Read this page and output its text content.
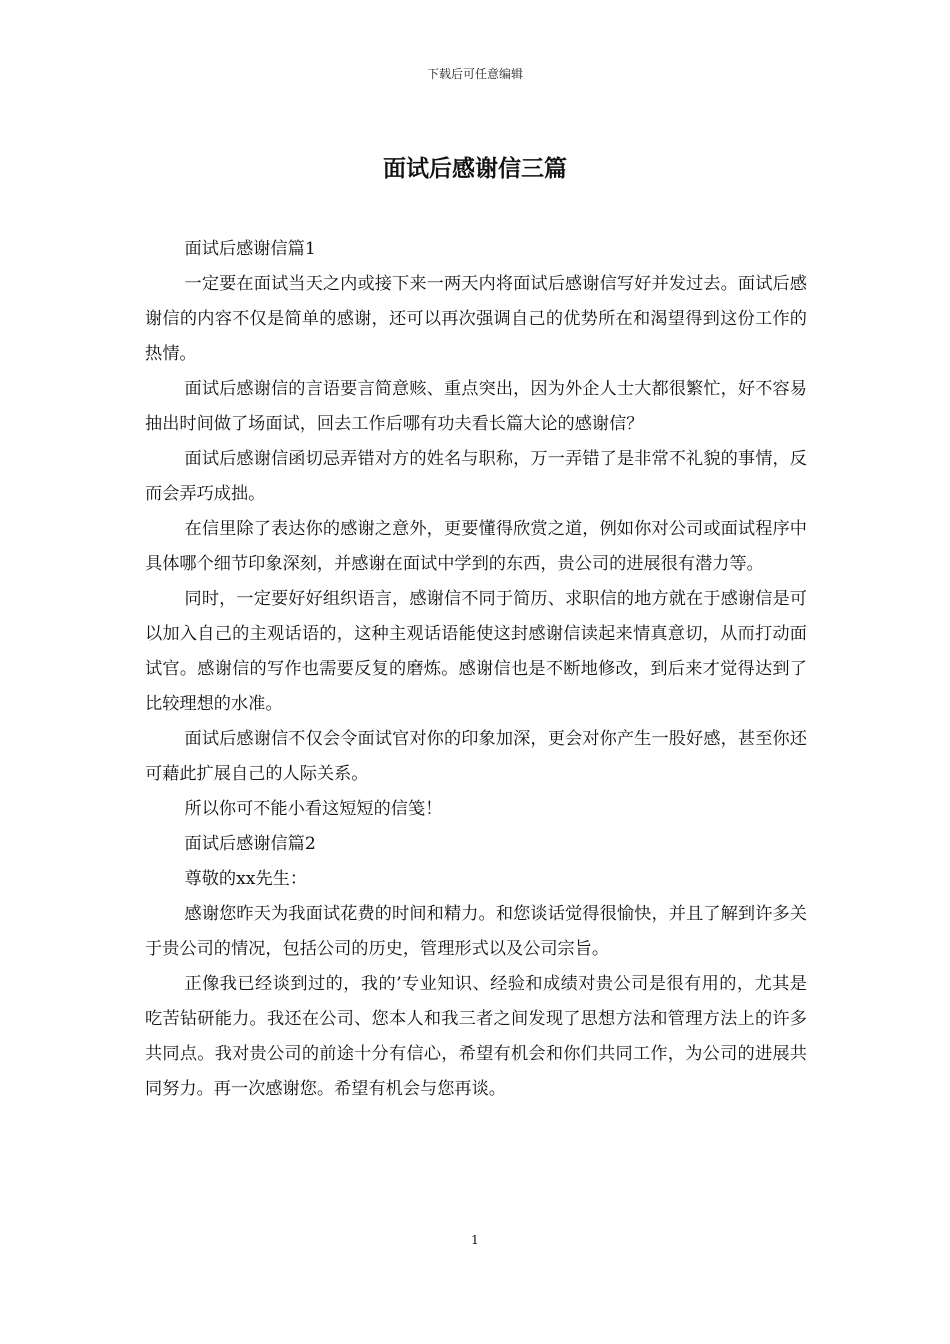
下载后可任意编辑
面试后感谢信三篇

面试后感谢信篇1

一定要在面试当天之内或接下来一两天内将面试后感谢信写好并发过去。面试后感谢信的内容不仅是简单的感谢，还可以再次强调自己的优势所在和渴望得到这份工作的热情。

面试后感谢信的言语要言简意赅、重点突出，因为外企人士大都很繁忙，好不容易抽出时间做了场面试，回去工作后哪有功夫看长篇大论的感谢信？

面试后感谢信函切忌弄错对方的姓名与职称，万一弄错了是非常不礼貌的事情，反而会弄巧成拙。

在信里除了表达你的感谢之意外，更要懂得欣赏之道，例如你对公司或面试程序中具体哪个细节印象深刻，并感谢在面试中学到的东西，贵公司的进展很有潜力等。

同时，一定要好好组织语言，感谢信不同于简历、求职信的地方就在于感谢信是可以加入自己的主观话语的，这种主观话语能使这封感谢信读起来情真意切，从而打动面试官。感谢信的写作也需要反复的磨炼。感谢信也是不断地修改，到后来才觉得达到了比较理想的水准。

面试后感谢信不仅会令面试官对你的印象加深，更会对你产生一股好感，甚至你还可藉此扩展自己的人际关系。

所以你可不能小看这短短的信笺！

面试后感谢信篇2

尊敬的xx先生：

感谢您昨天为我面试花费的时间和精力。和您谈话觉得很愉快，并且了解到许多关于贵公司的情况，包括公司的历史，管理形式以及公司宗旨。

正像我已经谈到过的，我的’专业知识、经验和成绩对贵公司是很有用的，尤其是吃苦钻研能力。我还在公司、您本人和我三者之间发现了思想方法和管理方法上的许多共同点。我对贵公司的前途十分有信心，希望有机会和你们共同工作，为公司的进展共同努力。再一次感谢您。希望有机会与您再谈。

1
